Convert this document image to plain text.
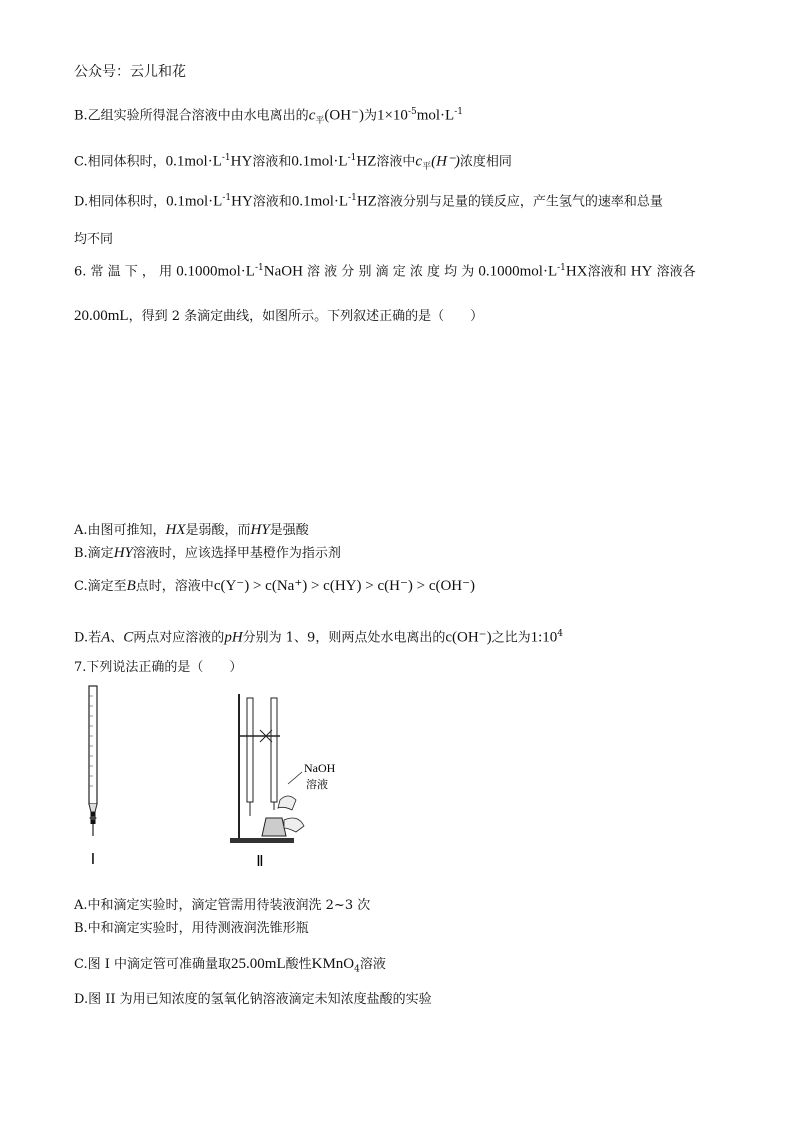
公众号：云儿和花
B.乙组实验所得混合溶液中由水电离出的$c_平(OH^-)$为$1\times 10^{-5}mol\cdot L^{-1}$
C.相同体积时，$0.1mol\cdot L^{-1}HY$溶液和$0.1mol\cdot L^{-1}HZ$溶液中$c_平(H^-)$浓度相同
D.相同体积时，$0.1mol\cdot L^{-1}HY$溶液和$0.1mol\cdot L^{-1}HZ$溶液分别与足量的镁反应，产生氢气的速率和总量
均不同
6. 常 温 下 ， 用 $0.1000mol\cdot L^{-1}NaOH$ 溶 液 分 别 滴 定 浓 度 均 为 $0.1000mol\cdot L^{-1}HX$溶液和 HY 溶液各
20.00mL，得到 2 条滴定曲线，如图所示。下列叙述正确的是（　　）
A.由图可推知，HX是弱酸，而HY是强酸
B.滴定HY溶液时，应该选择甲基橙作为指示剂
C.滴定至B点时，溶液中c(Y⁻) > c(Na⁺) > c(HY) > c(H⁻) > c(OH⁻)
D.若A、C两点对应溶液的pH分别为 1、9，则两点处水电离出的c(OH⁻)之比为$1:10^4$
7.下列说法正确的是（　　）
Ⅰ
NaOH
溶液
Ⅱ
A.中和滴定实验时，滴定管需用待装液润洗 2~3 次
B.中和滴定实验时，用待测液润洗锥形瓶
C.图 I 中滴定管可准确量取25.00mL酸性KMnO$_4$溶液
D.图 II 为用已知浓度的氢氧化钠溶液滴定未知浓度盐酸的实验
